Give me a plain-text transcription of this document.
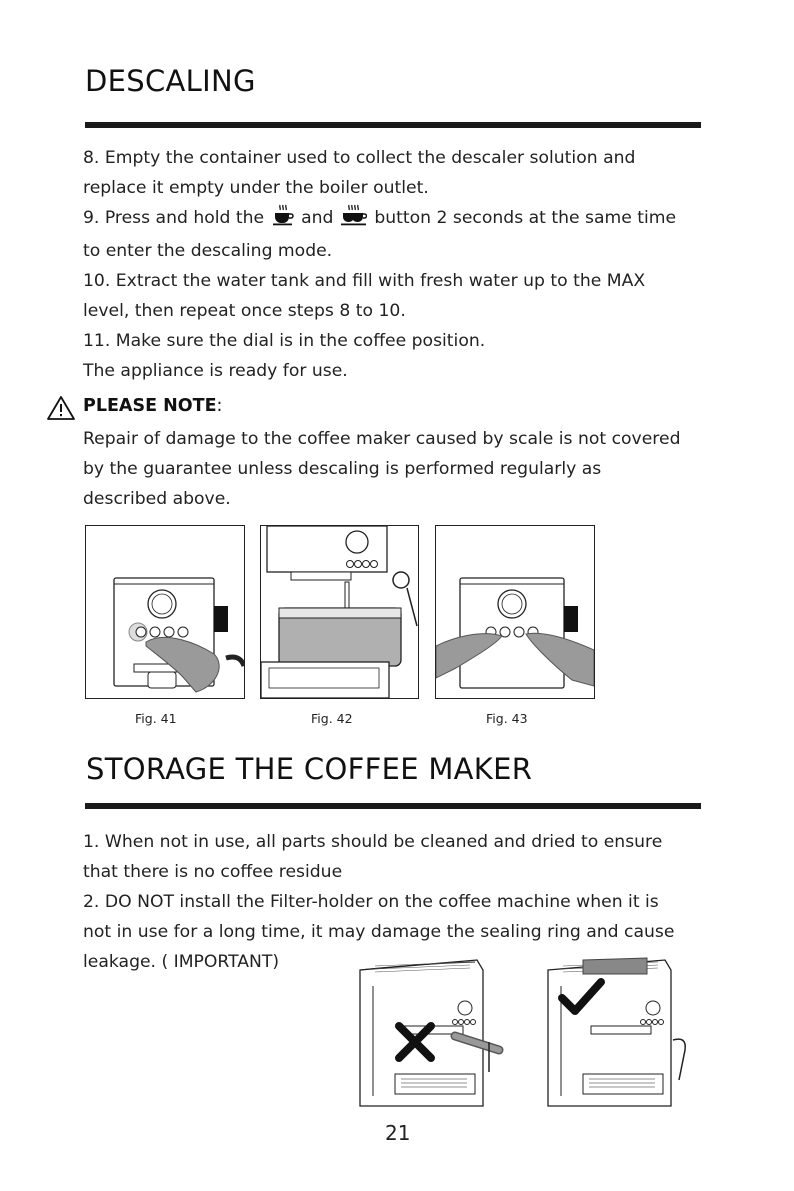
DESCALING
8. Empty the container used to collect the descaler solution and
replace it empty under the boiler outlet.
9. Press and hold the and button 2 seconds at the same time
to enter the descaling mode.
10. Extract the water tank and fill with fresh water up to the MAX
level, then repeat once steps 8 to 10.
11. Make sure the dial is in the coffee position.
The appliance is ready for use.
PLEASE NOTE:
Repair of damage to the coffee maker caused by scale is not covered
by the guarantee unless descaling is performed regularly as
described above.
Fig. 41	Fig. 42	Fig. 43
STORAGE THE COFFEE MAKER
1. When not in use, all parts should be cleaned and dried to ensure
that there is no coffee residue
2. DO NOT install the Filter-holder on the coffee machine when it is
not in use for a long time, it may damage the sealing ring and cause
leakage. ( IMPORTANT)
21
